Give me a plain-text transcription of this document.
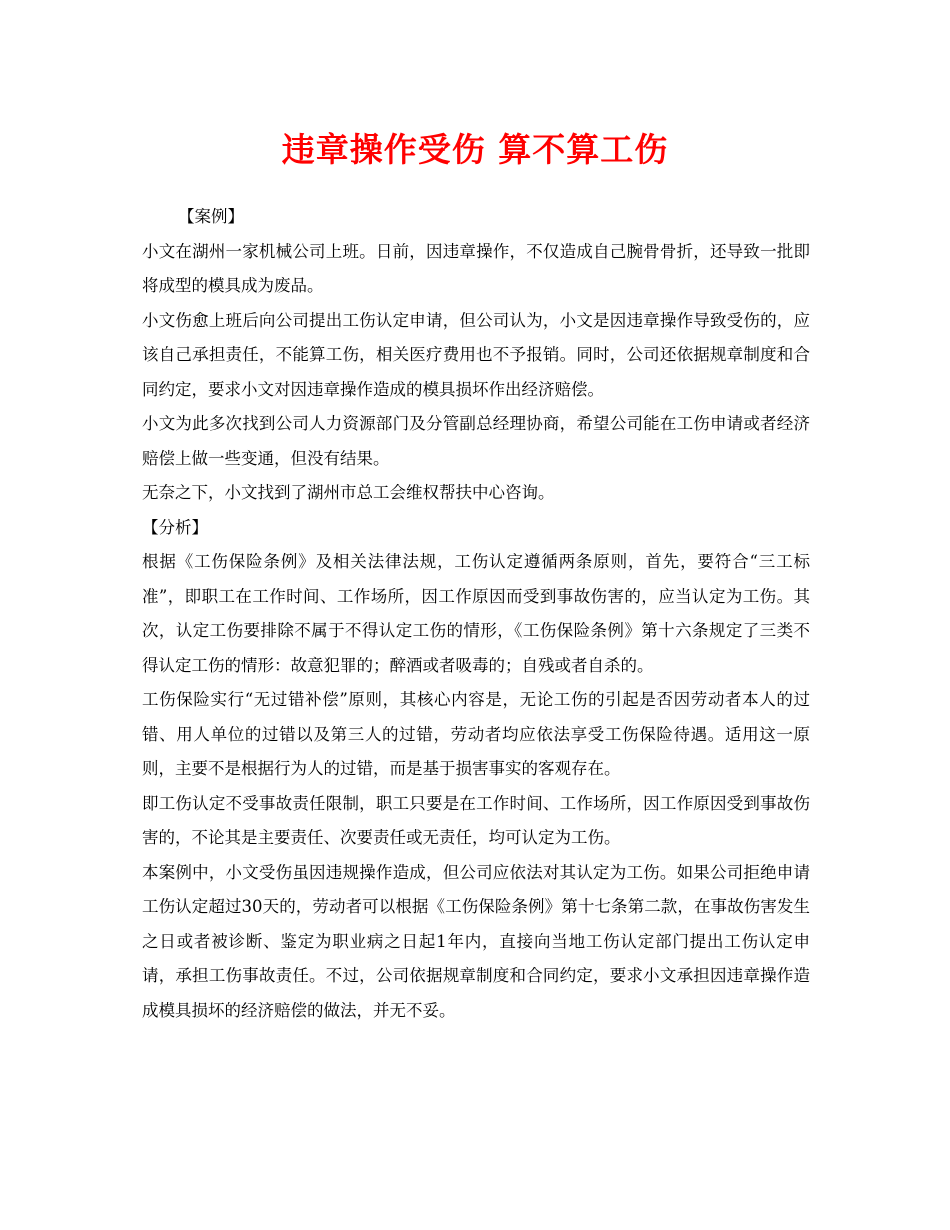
违章操作受伤 算不算工伤

【案例】

小文在湖州一家机械公司上班。日前，因违章操作，不仅造成自己腕骨骨折，还导致一批即将成型的模具成为废品。

小文伤愈上班后向公司提出工伤认定申请，但公司认为，小文是因违章操作导致受伤的，应该自己承担责任，不能算工伤，相关医疗费用也不予报销。同时，公司还依据规章制度和合同约定，要求小文对因违章操作造成的模具损坏作出经济赔偿。

小文为此多次找到公司人力资源部门及分管副总经理协商，希望公司能在工伤申请或者经济赔偿上做一些变通，但没有结果。

无奈之下，小文找到了湖州市总工会维权帮扶中心咨询。

【分析】

根据《工伤保险条例》及相关法律法规，工伤认定遵循两条原则，首先，要符合“三工标准”，即职工在工作时间、工作场所，因工作原因而受到事故伤害的，应当认定为工伤。其次，认定工伤要排除不属于不得认定工伤的情形，《工伤保险条例》第十六条规定了三类不得认定工伤的情形：故意犯罪的；醉酒或者吸毒的；自残或者自杀的。

工伤保险实行“无过错补偿”原则，其核心内容是，无论工伤的引起是否因劳动者本人的过错、用人单位的过错以及第三人的过错，劳动者均应依法享受工伤保险待遇。适用这一原则，主要不是根据行为人的过错，而是基于损害事实的客观存在。

即工伤认定不受事故责任限制，职工只要是在工作时间、工作场所，因工作原因受到事故伤害的，不论其是主要责任、次要责任或无责任，均可认定为工伤。

本案例中，小文受伤虽因违规操作造成，但公司应依法对其认定为工伤。如果公司拒绝申请工伤认定超过30天的，劳动者可以根据《工伤保险条例》第十七条第二款，在事故伤害发生之日或者被诊断、鉴定为职业病之日起1年内，直接向当地工伤认定部门提出工伤认定申请，承担工伤事故责任。不过，公司依据规章制度和合同约定，要求小文承担因违章操作造成模具损坏的经济赔偿的做法，并无不妥。
